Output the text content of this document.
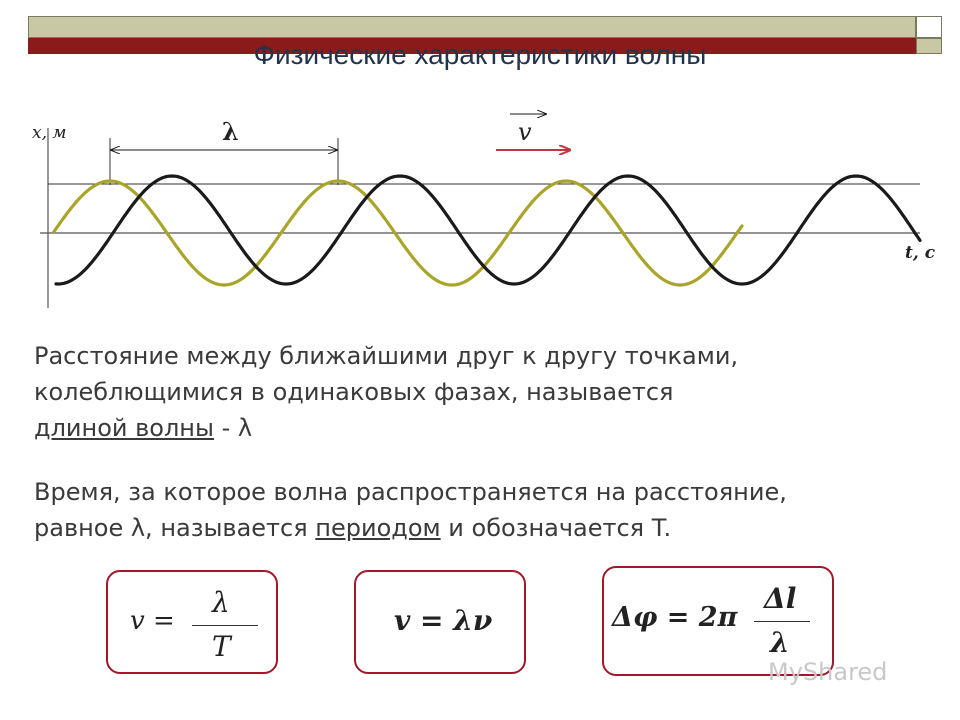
Физические характеристики волны
x, м
t, с
λ	v
Расстояние между ближайшими друг к другу точками,
колеблющимися в одинаковых фазах, называется
длиной волны - λ
Время, за которое волна распространяется на расстояние,
равное λ, называется периодом и обозначается T.
v =
λ
T
v = λν	Δφ = 2π
Δl
λ
MyShared
